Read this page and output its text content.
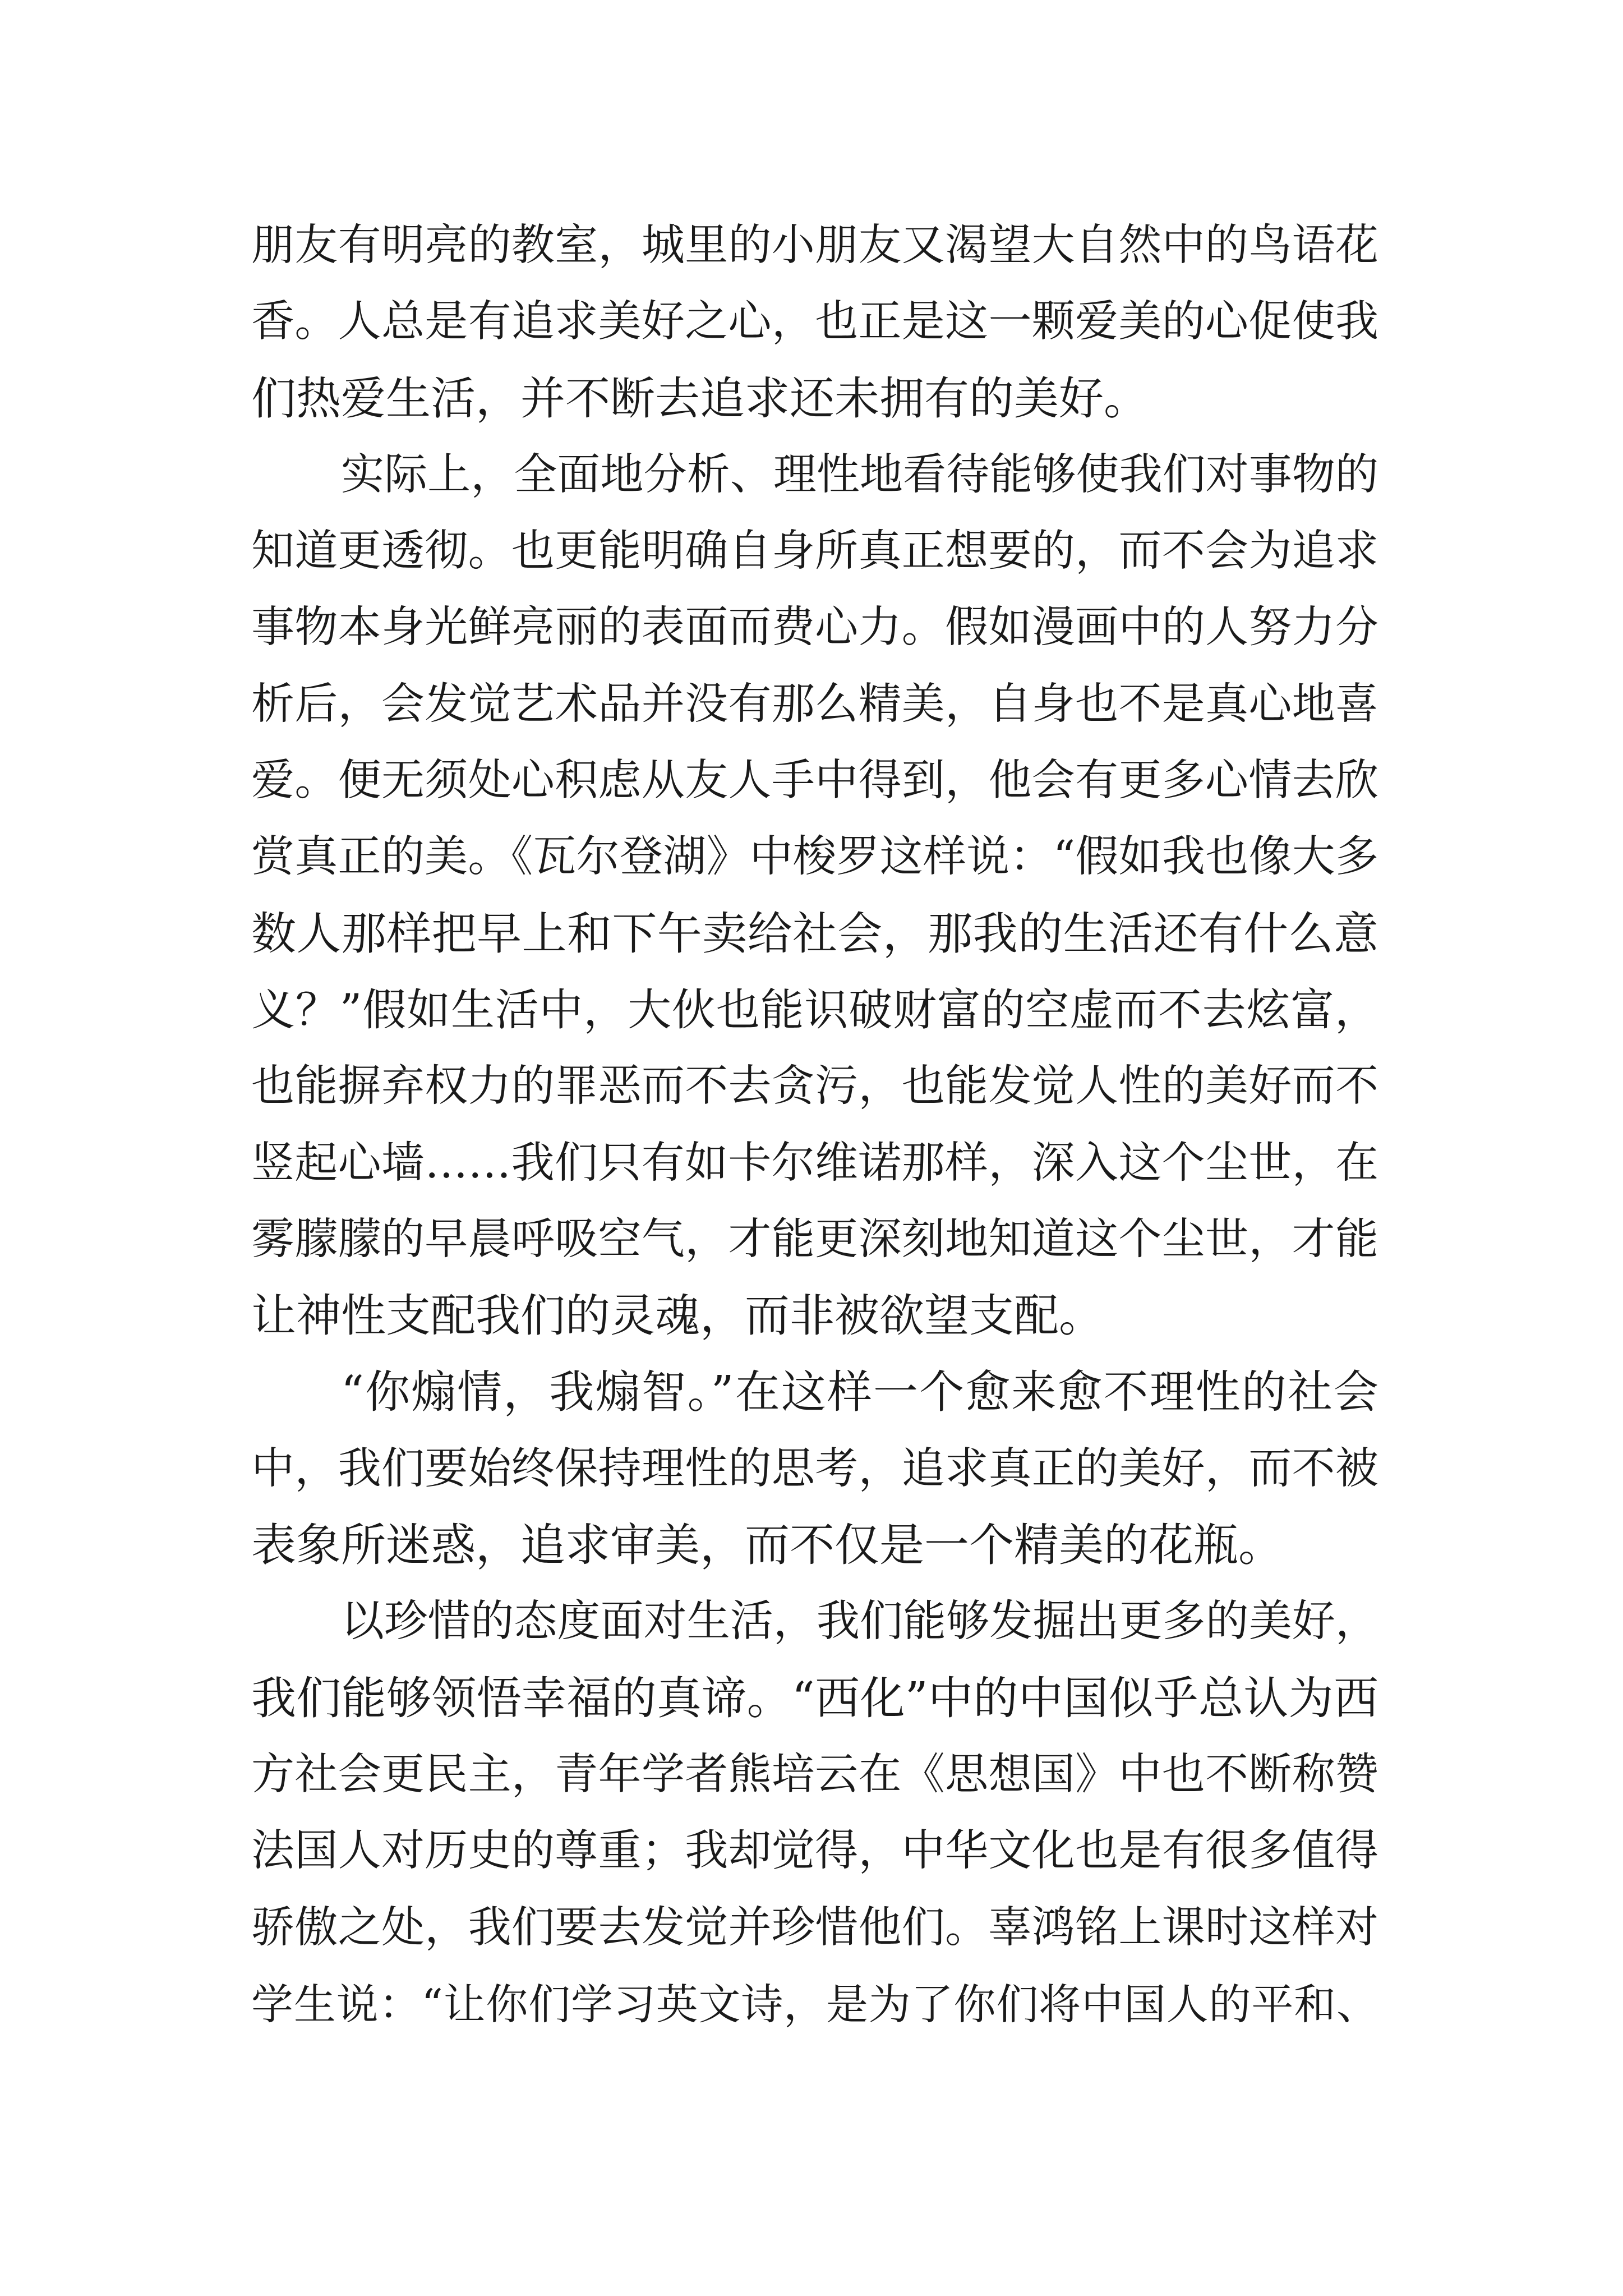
朋友有明亮的教室，城里的小朋友又渴望大自然中的鸟语花
香。人总是有追求美好之心，也正是这一颗爱美的心促使我
们热爱生活，并不断去追求还未拥有的美好。
实际上，全面地分析、理性地看待能够使我们对事物的
知道更透彻。也更能明确自身所真正想要的，而不会为追求
事物本身光鲜亮丽的表面而费心力。假如漫画中的人努力分
析后，会发觉艺术品并没有那么精美，自身也不是真心地喜
爱。便无须处心积虑从友人手中得到，他会有更多心情去欣
赏真正的美。《瓦尔登湖》中梭罗这样说：“假如我也像大多
数人那样把早上和下午卖给社会，那我的生活还有什么意
义？”假如生活中，大伙也能识破财富的空虚而不去炫富，
也能摒弃权力的罪恶而不去贪污，也能发觉人性的美好而不
竖起心墙……我们只有如卡尔维诺那样，深入这个尘世，在
雾朦朦的早晨呼吸空气，才能更深刻地知道这个尘世，才能
让神性支配我们的灵魂，而非被欲望支配。
“你煽情，我煽智。”在这样一个愈来愈不理性的社会
中，我们要始终保持理性的思考，追求真正的美好，而不被
表象所迷惑，追求审美，而不仅是一个精美的花瓶。
以珍惜的态度面对生活，我们能够发掘出更多的美好，
我们能够领悟幸福的真谛。“西化”中的中国似乎总认为西
方社会更民主，青年学者熊培云在《思想国》中也不断称赞
法国人对历史的尊重；我却觉得，中华文化也是有很多值得
骄傲之处，我们要去发觉并珍惜他们。辜鸿铭上课时这样对
学生说：“让你们学习英文诗，是为了你们将中国人的平和、
